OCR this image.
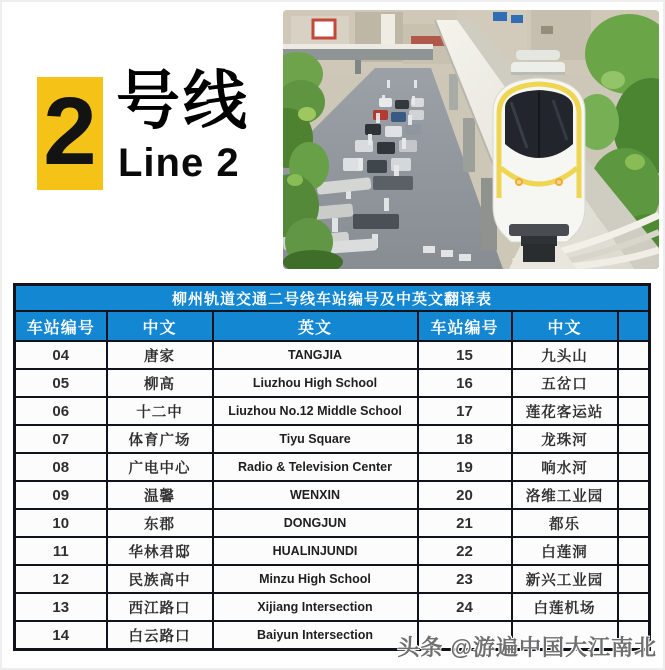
2 号线
Line 2
柳州轨道交通二号线车站编号及中英文翻译表					
车站编号	中文	英文	车站编号	中文	
04	唐家	TANGJIA	15	九头山	
05	柳高	Liuzhou High School	16	五岔口	
06	十二中	Liuzhou No.12 Middle School	17	莲花客运站	
07	体育广场	Tiyu Square	18	龙珠河	
08	广电中心	Radio & Television Center	19	响水河	
09	温馨	WENXIN	20	洛维工业园	
10	东郡	DONGJUN	21	都乐	
11	华林君邸	HUALINJUNDI	22	白莲洞	
12	民族高中	Minzu High School	23	新兴工业园	
13	西江路口	Xijiang Intersection	24	白莲机场	
14	白云路口	Baiyun Intersection			头条 @游遍中国大江南北
